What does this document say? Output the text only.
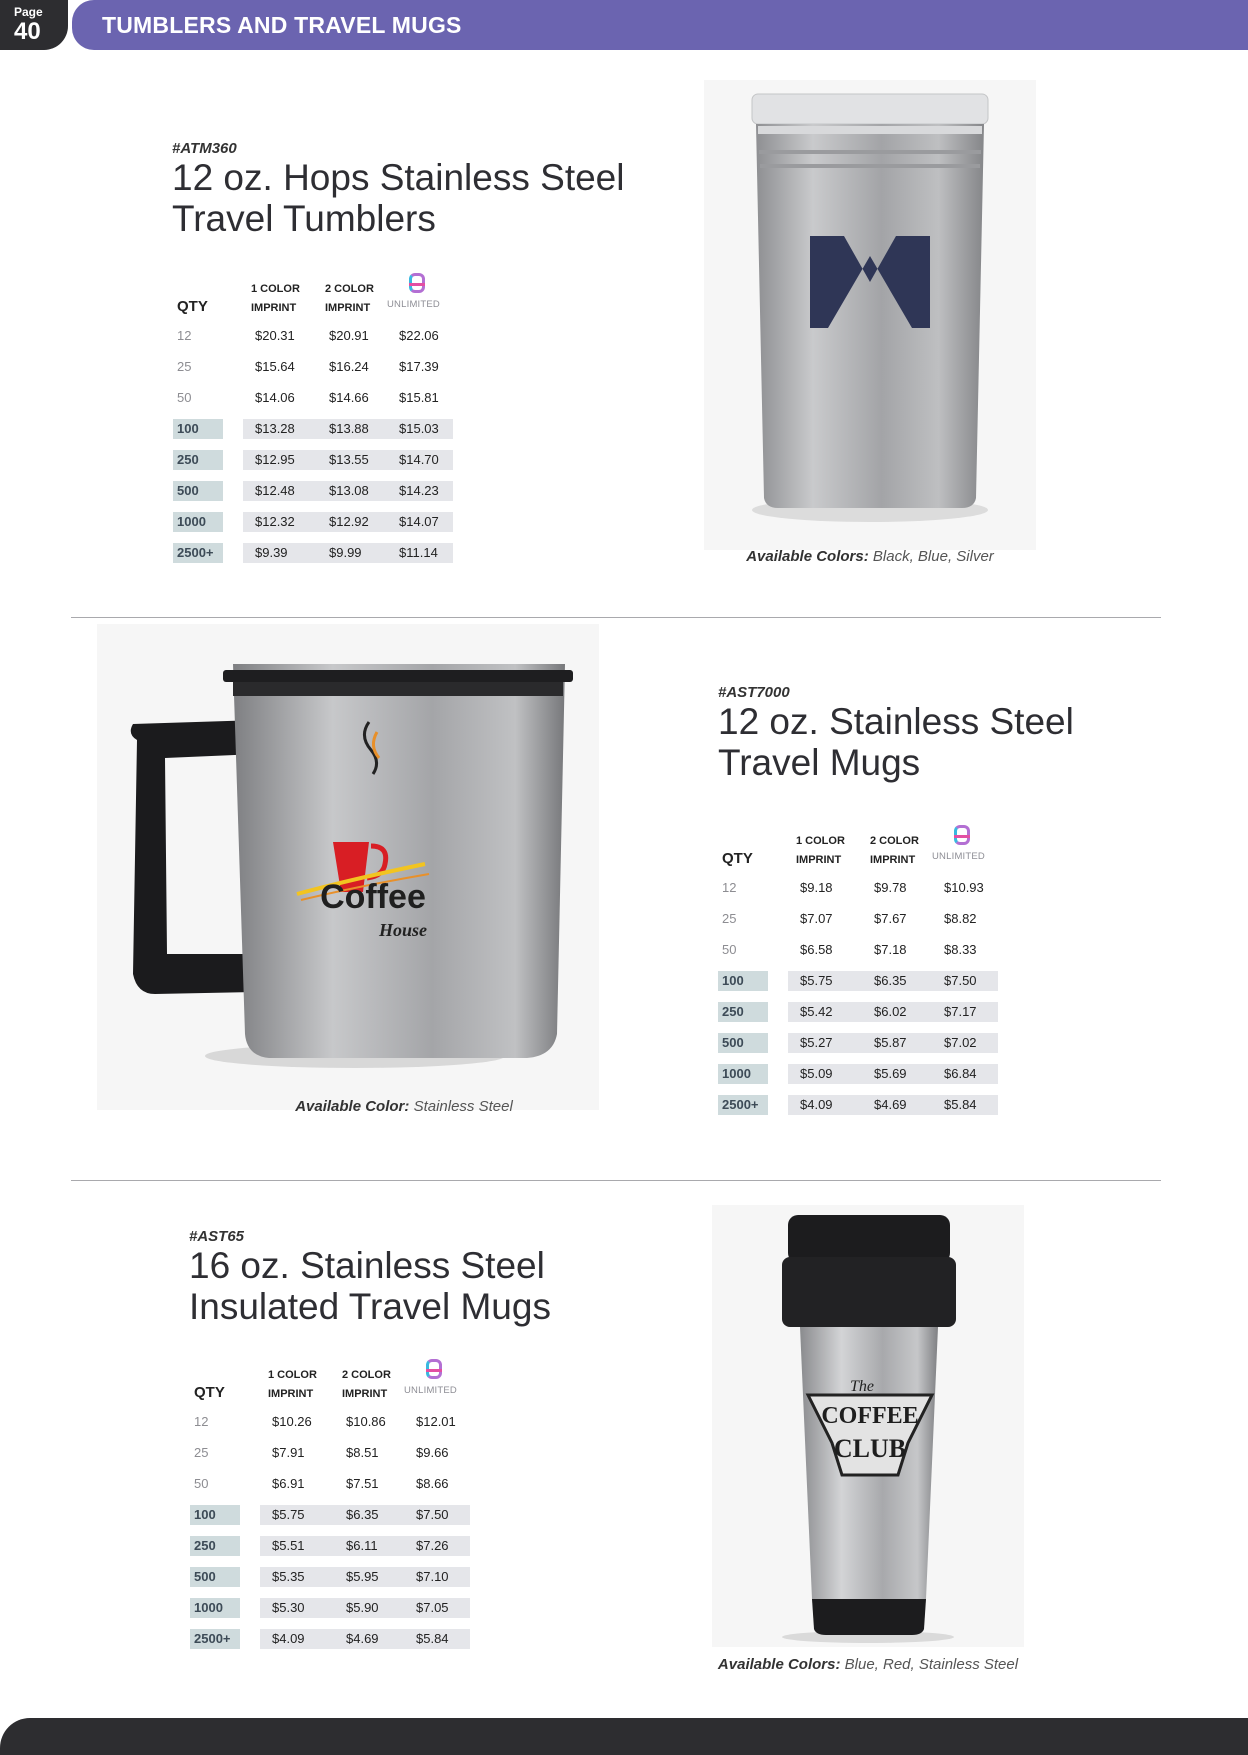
Page
40	TUMBLERS AND TRAVEL MUGS
#ATM360
12 oz. Hops Stainless Steel
Travel Tumblers
QTY
1 COLOR
IMPRINT
2 COLOR
IMPRINT	UNLIMITED
12	$20.31	$20.91 $22.06
25	$15.64	$16.24 $17.39
50	$14.06	$14.66 $15.81
100	$13.28	$13.88 $15.03
250	$12.95	$13.55 $14.70
500	$12.48	$13.08 $14.23
1000	$12.32	$12.92 $14.07
2500+	$9.39	$9.99	$11.14	Available Colors: Black, Blue, Silver
Coffee
House
Available Color: Stainless Steel
#AST7000
12 oz. Stainless Steel
Travel Mugs
QTY
1 COLOR
IMPRINT
2 COLOR
IMPRINT	UNLIMITED
12	$9.18	$9.78	$10.93
25	$7.07	$7.67	$8.82
50	$6.58	$7.18	$8.33
100	$5.75	$6.35	$7.50
250	$5.42	$6.02	$7.17
500	$5.27	$5.87	$7.02
1000	$5.09	$5.69	$6.84
2500+	$4.09	$4.69	$5.84
#AST65
16 oz. Stainless Steel
Insulated Travel Mugs
QTY
1 COLOR
IMPRINT
2 COLOR
IMPRINT	UNLIMITED
12	$10.26	$10.86 $12.01
25	$7.91	$8.51	$9.66
50	$6.91	$7.51	$8.66
100	$5.75	$6.35	$7.50
250	$5.51	$6.11	$7.26
500	$5.35	$5.95	$7.10
1000	$5.30	$5.90	$7.05
2500+	$4.09	$4.69	$5.84
The
COFFEE
CLUB
Available Colors: Blue, Red, Stainless Steel
